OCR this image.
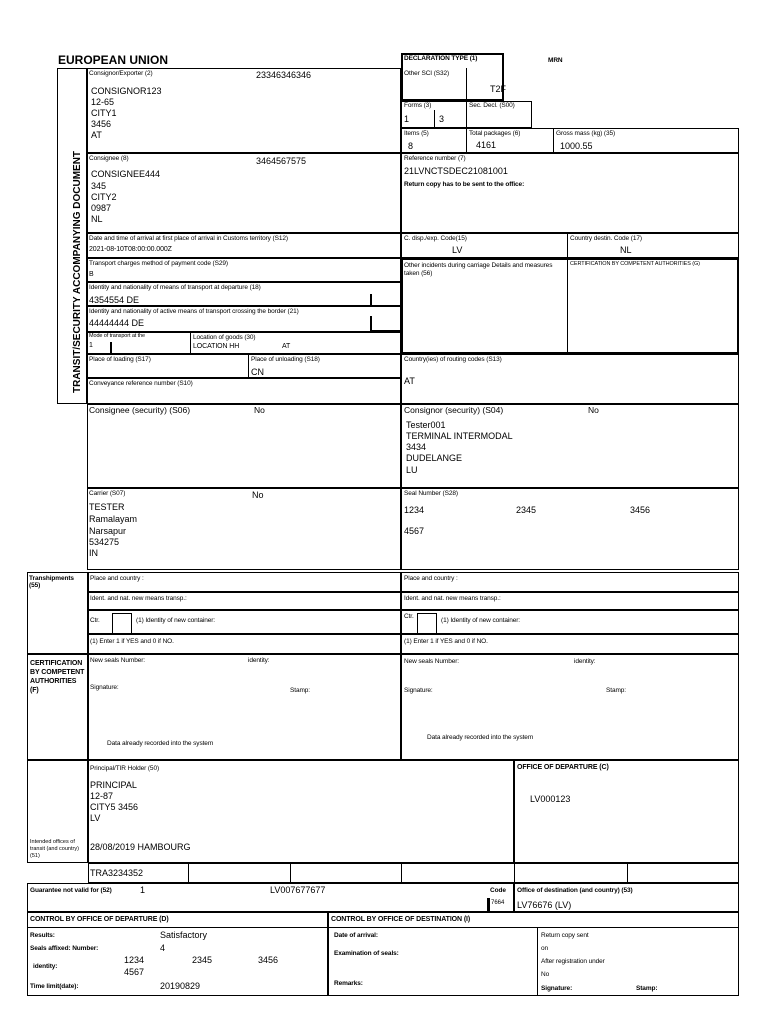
EUROPEAN UNION
TRANSIT/SECURITY ACCOMPANYING DOCUMENT
DECLARATION TYPE (1)	MRN
Other SCI (S32)
T2F
Consignor/Exporter (2)	23346346346
CONSIGNOR123
12-65
CITY1
3456
AT
Forms (3)
1	3
Sec. Decl. (S00)
Items (5)
8
Total packages (6)
4161
Gross mass (kg) (35)
1000.55
Consignee (8)	3464567575
CONSIGNEE444
345
CITY2
0987
NL
Reference number (7)
21LVNCTSDEC21081001
Return copy has to be sent to the office:
Date and time of arrival at first place of arrival in Customs territory (S12)
2021-08-10T08:00:00.000Z
C. disp./exp. Code(15)
LV
Country destin. Code (17)
NL
Transport charges method of payment code (S29)
B
Identity and nationality of means of transport at departure (18)
4354554 DE
Identity and nationality of active means of transport crossing the border (21)
44444444 DE
Mode of transport at the
1
Location of goods (30)
LOCATION HH	AT
Other incidents during carriage Details and measures taken (56)
CERTIFICATION BY COMPETENT AUTHORITIES (G)
Place of loading (S17)	Place of unloading (S18)
CN
Conveyance reference number (S10)
Country(ies) of routing codes (S13)
AT
Consignee (security) (S06)	No	Consignor (security) (S04)	No
Tester001
TERMINAL INTERMODAL
3434
DUDELANGE
LU
Carrier (S07)	No
TESTER
Ramalayam
Narsapur
534275
IN
Seal Number (S28)
1234	2345	3456
4567
Transhipments (55)
Place and country :
Ident. and nat. new means transp.:
Ctr.	(1) Identity of new container:
(1) Enter 1 if YES and 0 if NO.
Place and country :
Ident. and nat. new means transp.:
Ctr.
(1) Identity of new container:
(1) Enter 1 if YES and 0 if NO.
CERTIFICATION BY COMPETENT AUTHORITIES (F)
New seals Number:	identity:
Signature:	Stamp:
Data already recorded into the system
New seals Number:	identity:
Signature:	Stamp:
Data already recorded into the system
Intended offices of transit (and country) (51)
Principal/TIR Holder (50)
PRINCIPAL
12-87
CITY5 3456
LV
28/08/2019 HAMBOURG
OFFICE OF DEPARTURE (C)
LV000123
TRA3234352
Guarantee not valid for (52)	1	LV007677677	Code
7664
Office of destination (and country) (53)
LV76676 (LV)
CONTROL BY OFFICE OF DEPARTURE (D)
Results:	Satisfactory
Seals affixed: Number:	4
identity:
1234	2345	3456
4567
Time limit(date):	20190829
CONTROL BY OFFICE OF DESTINATION (I)
Date of arrival:
Examination of seals:
Remarks:
Return copy sent
on
After registration under
No
Signature:	Stamp:
